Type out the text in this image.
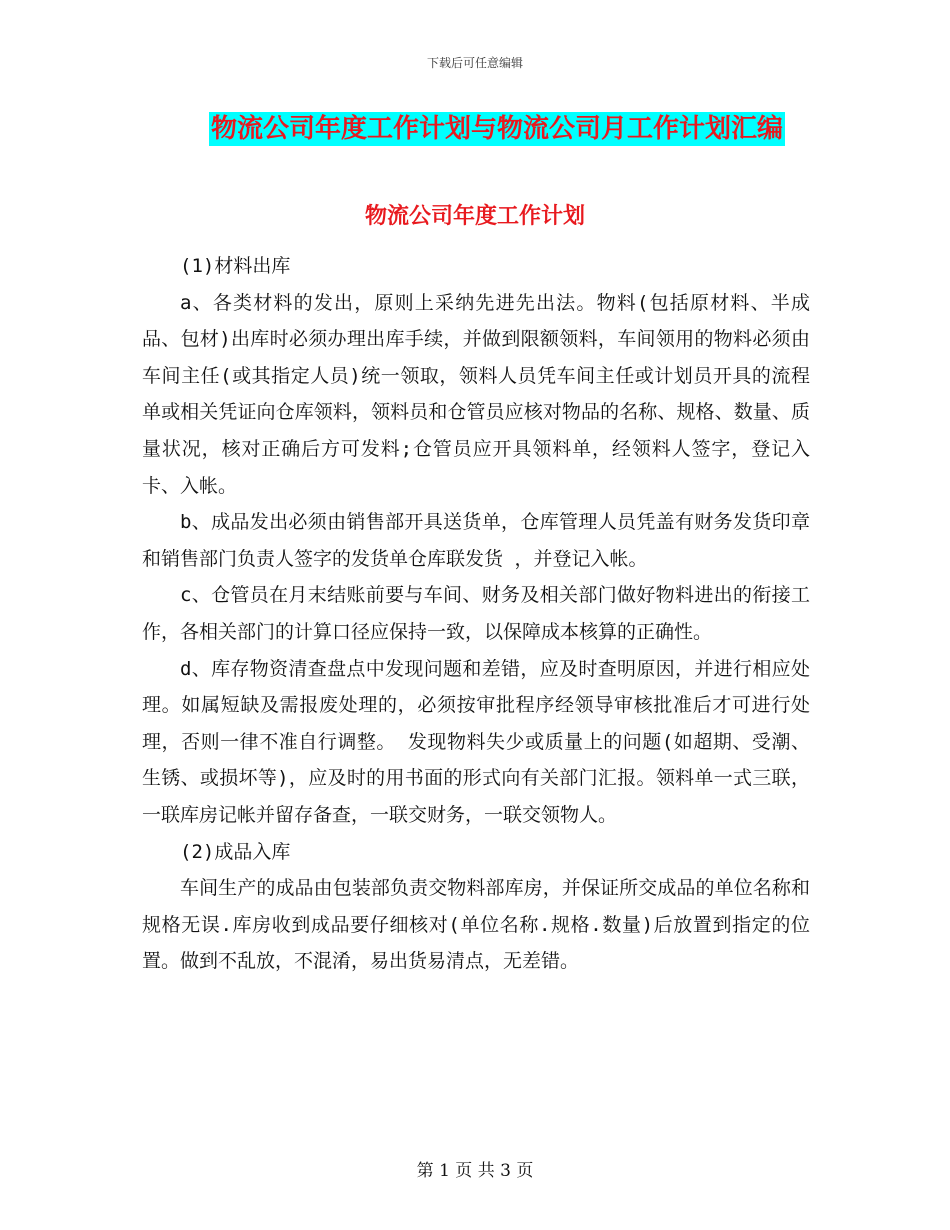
下载后可任意编辑
物流公司年度工作计划与物流公司月工作计划汇编
物流公司年度工作计划

(1)材料出库

a、各类材料的发出，原则上采纳先进先出法。物料(包括原材料、半成品、包材)出库时必须办理出库手续，并做到限额领料，车间领用的物料必须由车间主任(或其指定人员)统一领取，领料人员凭车间主任或计划员开具的流程单或相关凭证向仓库领料，领料员和仓管员应核对物品的名称、规格、数量、质量状况，核对正确后方可发料;仓管员应开具领料单，经领料人签字，登记入卡、入帐。

b、成品发出必须由销售部开具送货单，仓库管理人员凭盖有财务发货印章和销售部门负责人签字的发货单仓库联发货 ，并登记入帐。

c、仓管员在月末结账前要与车间、财务及相关部门做好物料进出的衔接工作，各相关部门的计算口径应保持一致，以保障成本核算的正确性。

d、库存物资清查盘点中发现问题和差错，应及时查明原因，并进行相应处理。如属短缺及需报废处理的，必须按审批程序经领导审核批准后才可进行处理，否则一律不准自行调整。 发现物料失少或质量上的问题(如超期、受潮、生锈、或损坏等)，应及时的用书面的形式向有关部门汇报。领料单一式三联，一联库房记帐并留存备查，一联交财务，一联交领物人。

(2)成品入库

车间生产的成品由包装部负责交物料部库房，并保证所交成品的单位名称和规格无误.库房收到成品要仔细核对(单位名称.规格.数量)后放置到指定的位置。做到不乱放，不混淆，易出货易清点，无差错。

第 1 页 共 3 页
